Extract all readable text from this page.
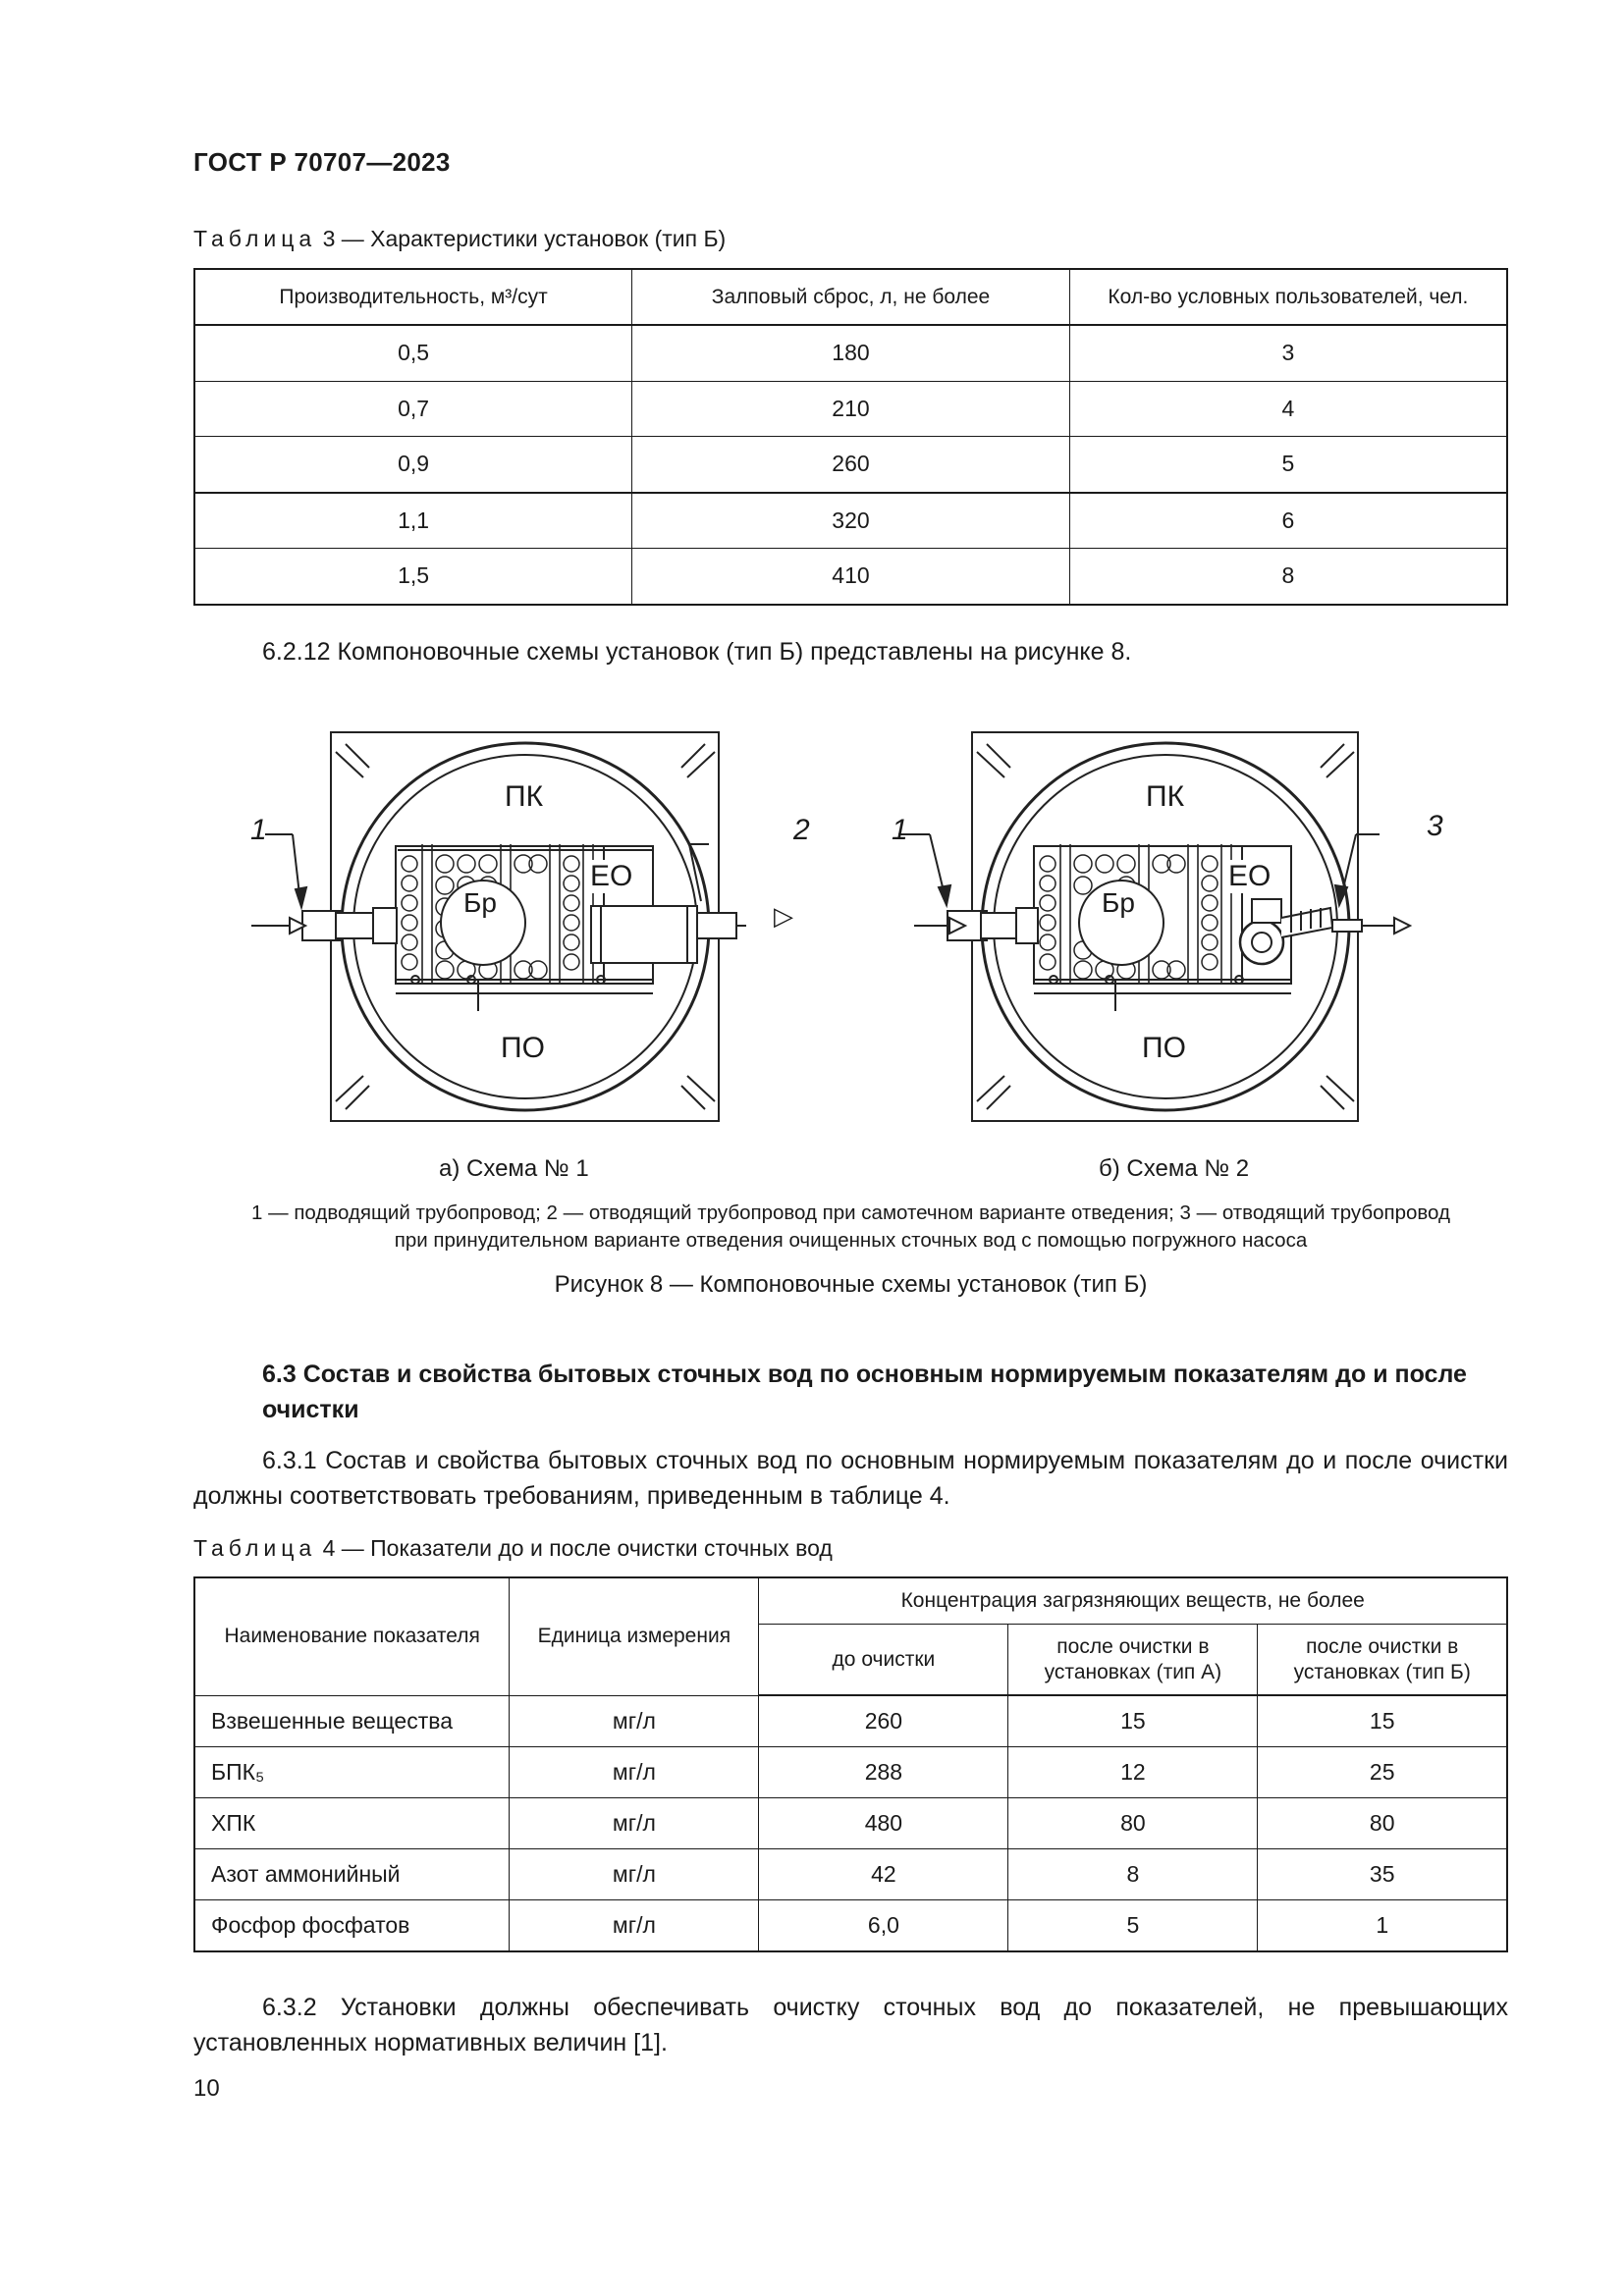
ГОСТ Р 70707—2023
Таблица 3 — Характеристики установок (тип Б)
Производительность, м³/сут	Залповый сброс, л, не более	Кол-во условных пользователей, чел.
0,5	180	3
0,7	210	4
0,9	260	5
1,1	320	6
1,5	410	8
6.2.12 Компоновочные схемы установок (тип Б) представлены на рисунке 8.
ПК
ПО
ЕО
Бр
1	2
▷
а) Схема № 1
ПК
ПО
ЕО
Бр
1	3
б) Схема № 2
1 — подводящий трубопровод; 2 — отводящий трубопровод при самотечном варианте отведения; 3 — отводящий трубопровод
при принудительном варианте отведения очищенных сточных вод с помощью погружного насоса
Рисунок 8 — Компоновочные схемы установок (тип Б)
6.3 Состав и свойства бытовых сточных вод по основным нормируемым показателям до и после очистки
6.3.1 Состав и свойства бытовых сточных вод по основным нормируемым показателям до и после очистки должны соответствовать требованиям, приведенным в таблице 4.
Таблица 4 — Показатели до и после очистки сточных вод
Наименование показателя	Единица измерения	Концентрация загрязняющих веществ, не более		
		до очистки	после очистки в установках (тип А)	после очистки в установках (тип Б)
Взвешенные вещества	мг/л	260	15	15
БПК₅	мг/л	288	12	25
ХПК	мг/л	480	80	80
Азот аммонийный	мг/л	42	8	35
Фосфор фосфатов	мг/л	6,0	5	1
6.3.2 Установки должны обеспечивать очистку сточных вод до показателей, не превышающих установленных нормативных величин [1].
10
